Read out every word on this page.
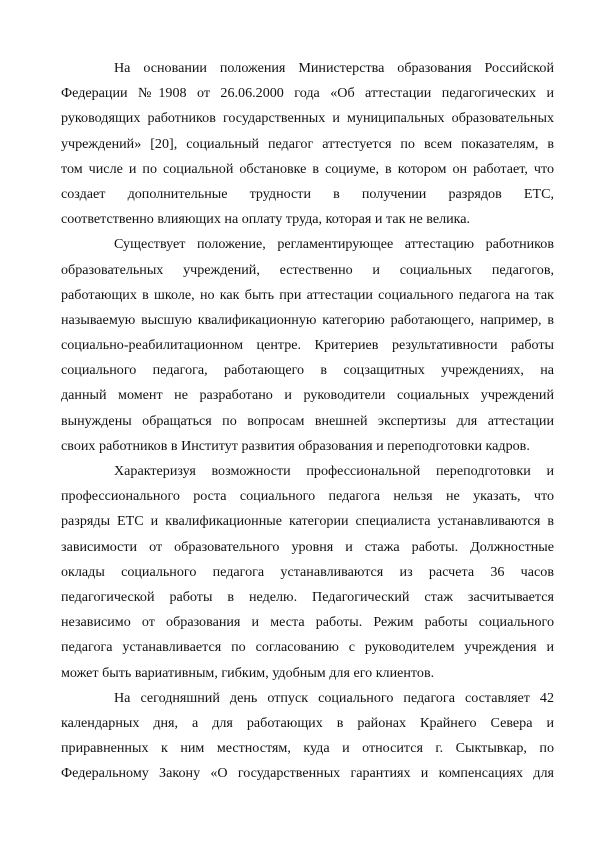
На основании положения Министерства образования Российской
Федерации №1908 от 26.06.2000 года «Об аттестации педагогических и
руководящих работников государственных и муниципальных образовательных
учреждений» [20], социальный педагог аттестуется по всем показателям, в
том числе и по социальной обстановке в социуме, в котором он работает, что
создает дополнительные трудности в получении разрядов ЕТС,
соответственно влияющих на оплату труда, которая и так не велика.
Существует положение, регламентирующее аттестацию работников
образовательных учреждений, естественно и социальных педагогов,
работающих в школе, но как быть при аттестации социального педагога на так
называемую высшую квалификационную категорию работающего, например, в
социально-реабилитационном центре. Критериев результативности работы
социального педагога, работающего в соцзащитных учреждениях, на
данный момент не разработано и руководители социальных учреждений
вынуждены обращаться по вопросам внешней экспертизы для аттестации
своих работников в Институт развития образования и переподготовки кадров.
Характеризуя возможности профессиональной переподготовки и
профессионального роста социального педагога нельзя не указать, что
разряды ЕТС и квалификационные категории специалиста устанавливаются в
зависимости от образовательного уровня и стажа работы. Должностные
оклады социального педагога устанавливаются из расчета 36 часов
педагогической работы в неделю. Педагогический стаж засчитывается
независимо от образования и места работы. Режим работы социального
педагога устанавливается по согласованию с руководителем учреждения и
может быть вариативным, гибким, удобным для его клиентов.
На сегодняшний день отпуск социального педагога составляет 42
календарных дня, а для работающих в районах Крайнего Севера и
приравненных к ним местностям, куда и относится г. Сыктывкар, по
Федеральному Закону «О государственных гарантиях и компенсациях для
